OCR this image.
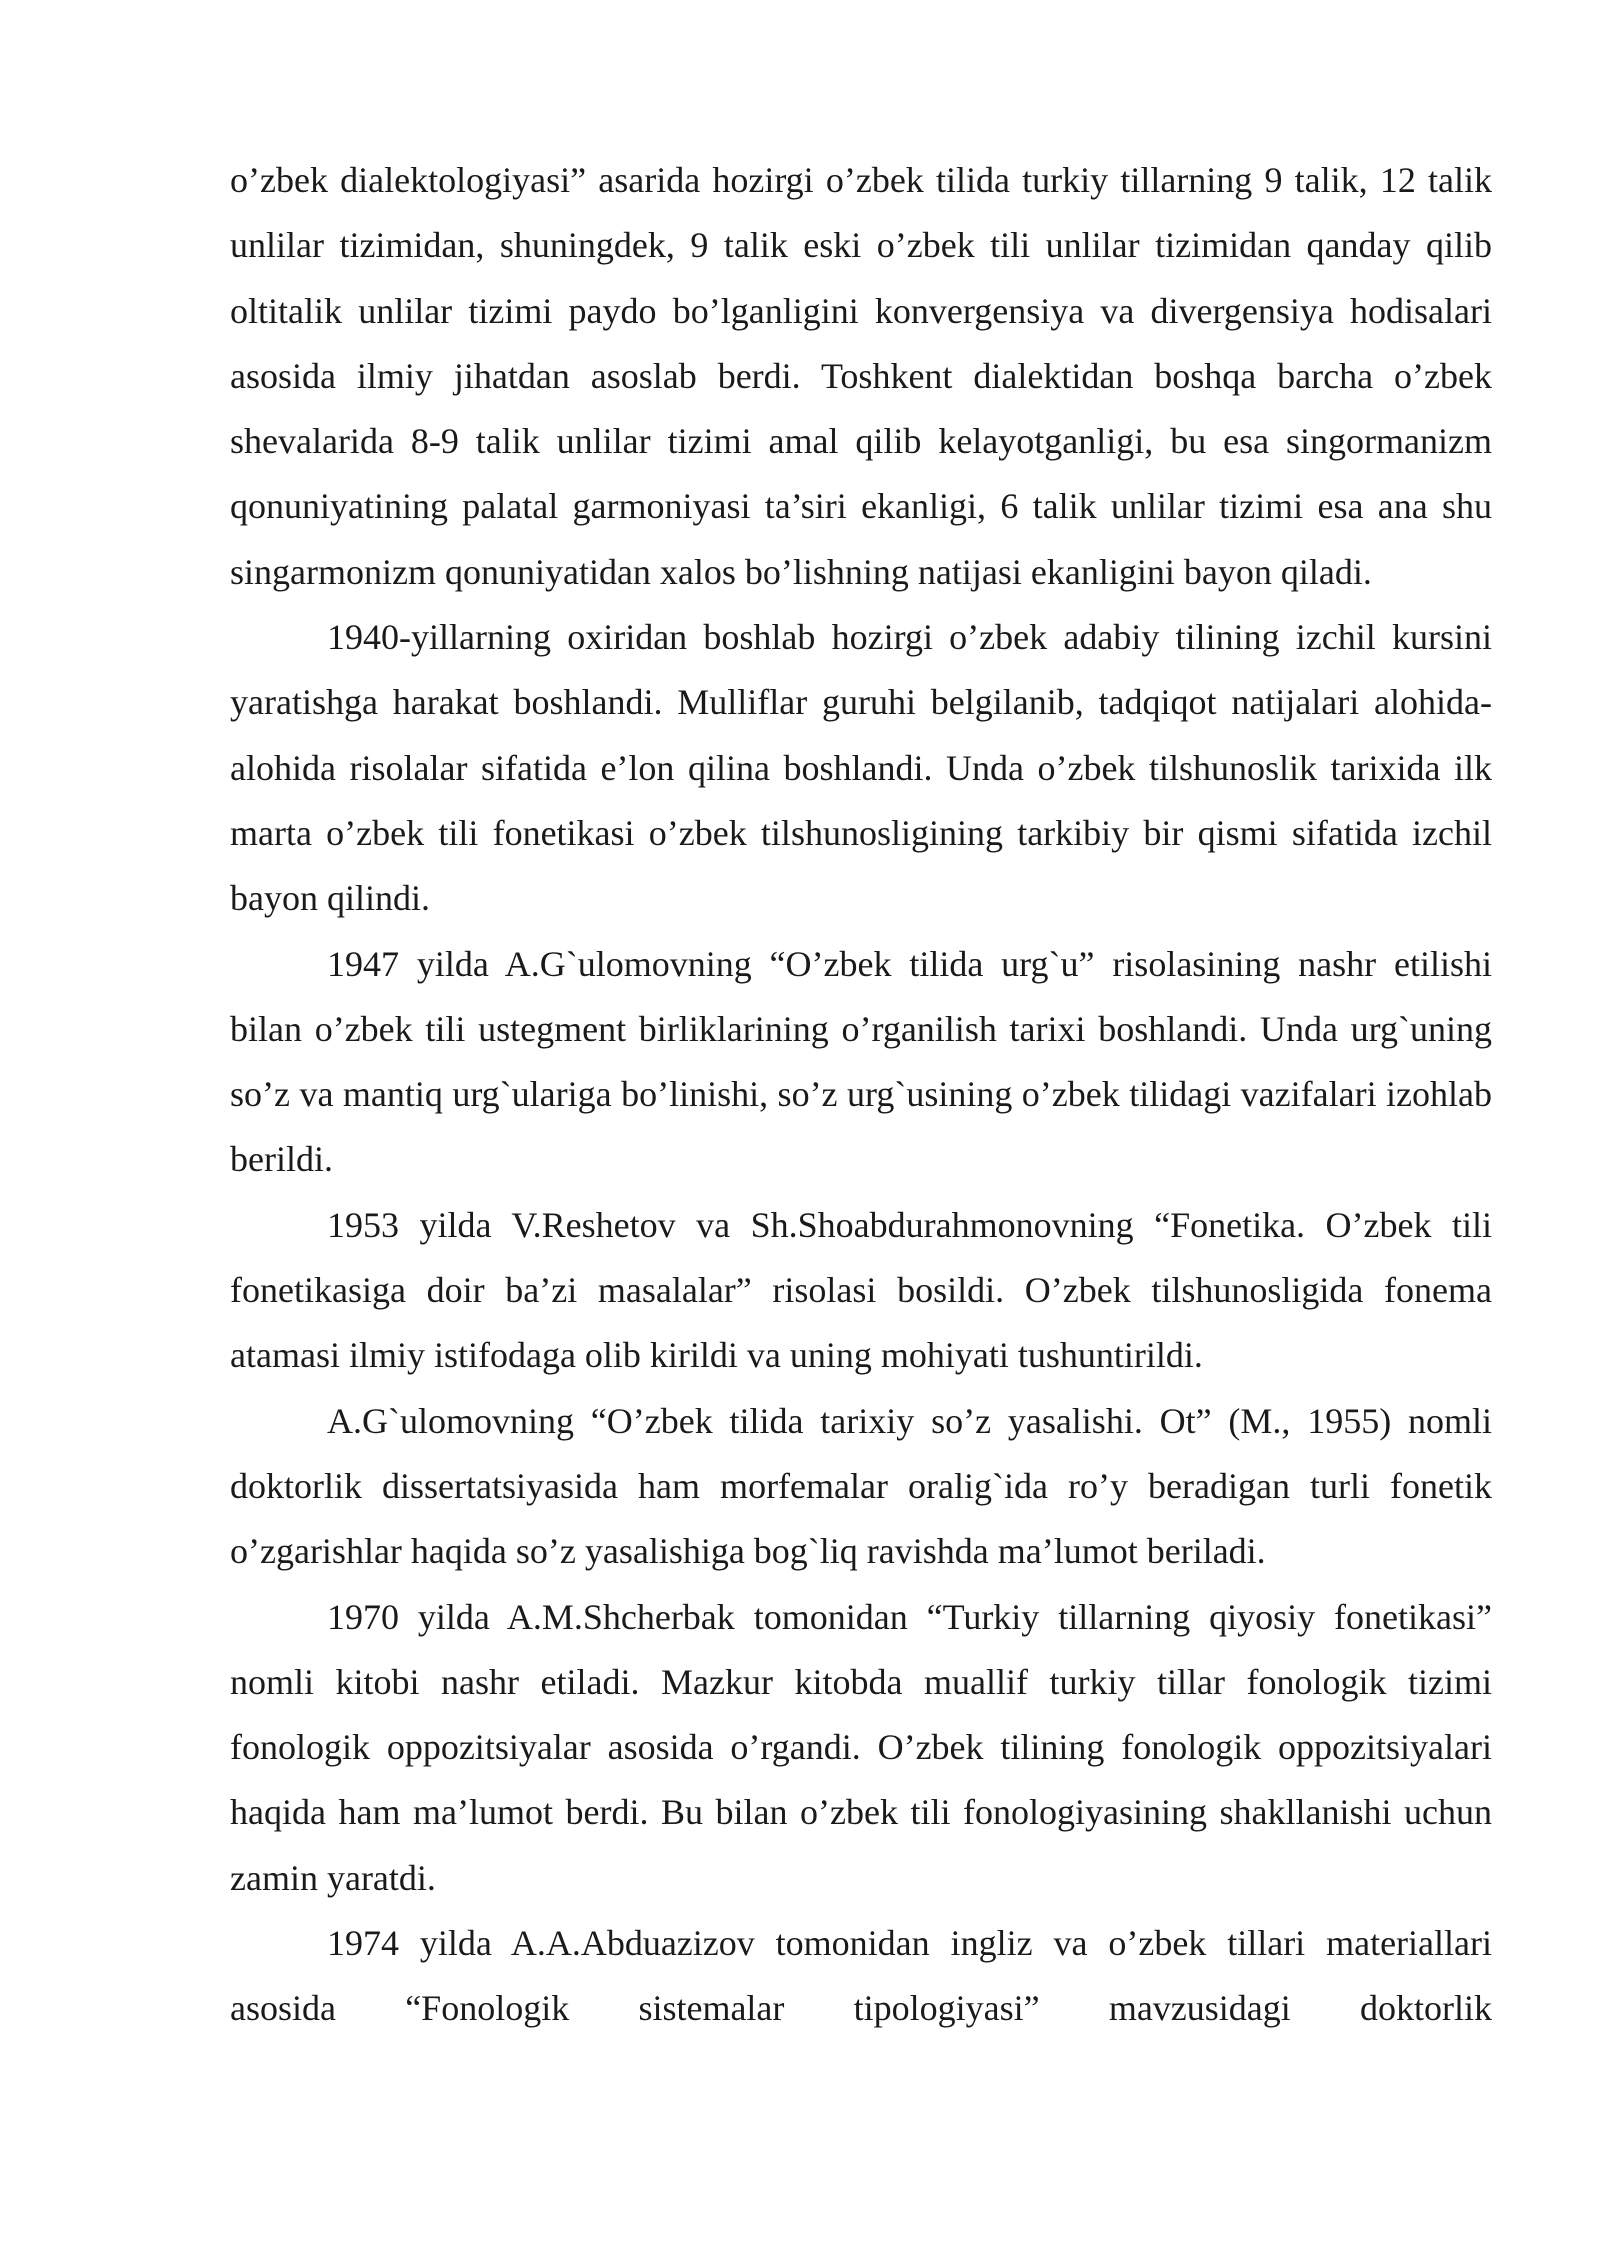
o’zbek dialektologiyasi” asarida hozirgi o’zbek tilida turkiy tillarning 9 talik, 12 talik unlilar tizimidan, shuningdek, 9 talik eski o’zbek tili unlilar tizimidan qanday qilib oltitalik unlilar tizimi paydo bo’lganligini konvergensiya va divergensiya hodisalari asosida ilmiy jihatdan asoslab berdi. Toshkent dialektidan boshqa barcha o’zbek shevalarida 8-9 talik unlilar tizimi amal qilib kelayotganligi, bu esa singormanizm qonuniyatining palatal garmoniyasi ta’siri ekanligi, 6 talik unlilar tizimi esa ana shu singarmonizm qonuniyatidan xalos bo’lishning natijasi ekanligini bayon qiladi.

1940-yillarning oxiridan boshlab hozirgi o’zbek adabiy tilining izchil kursini yaratishga harakat boshlandi. Mulliflar guruhi belgilanib, tadqiqot natijalari alohida-alohida risolalar sifatida e’lon qilina boshlandi. Unda o’zbek tilshunoslik tarixida ilk marta o’zbek tili fonetikasi o’zbek tilshunosligining tarkibiy bir qismi sifatida izchil bayon qilindi.

1947 yilda A.G`ulomovning “O’zbek tilida urg`u” risolasining nashr etilishi bilan o’zbek tili ustegment birliklarining o’rganilish tarixi boshlandi. Unda urg`uning so’z va mantiq urg`ulariga bo’linishi, so’z urg`usining o’zbek tilidagi vazifalari izohlab berildi.

1953 yilda V.Reshetov va Sh.Shoabdurahmonovning “Fonetika. O’zbek tili fonetikasiga doir ba’zi masalalar” risolasi bosildi. O’zbek tilshunosligida fonema atamasi ilmiy istifodaga olib kirildi va uning mohiyati tushuntirildi.

A.G`ulomovning “O’zbek tilida tarixiy so’z yasalishi. Ot” (M., 1955) nomli doktorlik dissertatsiyasida ham morfemalar oralig`ida ro’y beradigan turli fonetik o’zgarishlar haqida so’z yasalishiga bog`liq ravishda ma’lumot beriladi.

1970 yilda A.M.Shcherbak tomonidan “Turkiy tillarning qiyosiy fonetikasi” nomli kitobi nashr etiladi. Mazkur kitobda muallif turkiy tillar fonologik tizimi fonologik oppozitsiyalar asosida o’rgandi. O’zbek tilining fonologik oppozitsiyalari haqida ham ma’lumot berdi. Bu bilan o’zbek tili fonologiyasining shakllanishi uchun zamin yaratdi.

1974 yilda A.A.Abduazizov tomonidan ingliz va o’zbek tillari materiallari asosida “Fonologik sistemalar tipologiyasi” mavzusidagi doktorlik
